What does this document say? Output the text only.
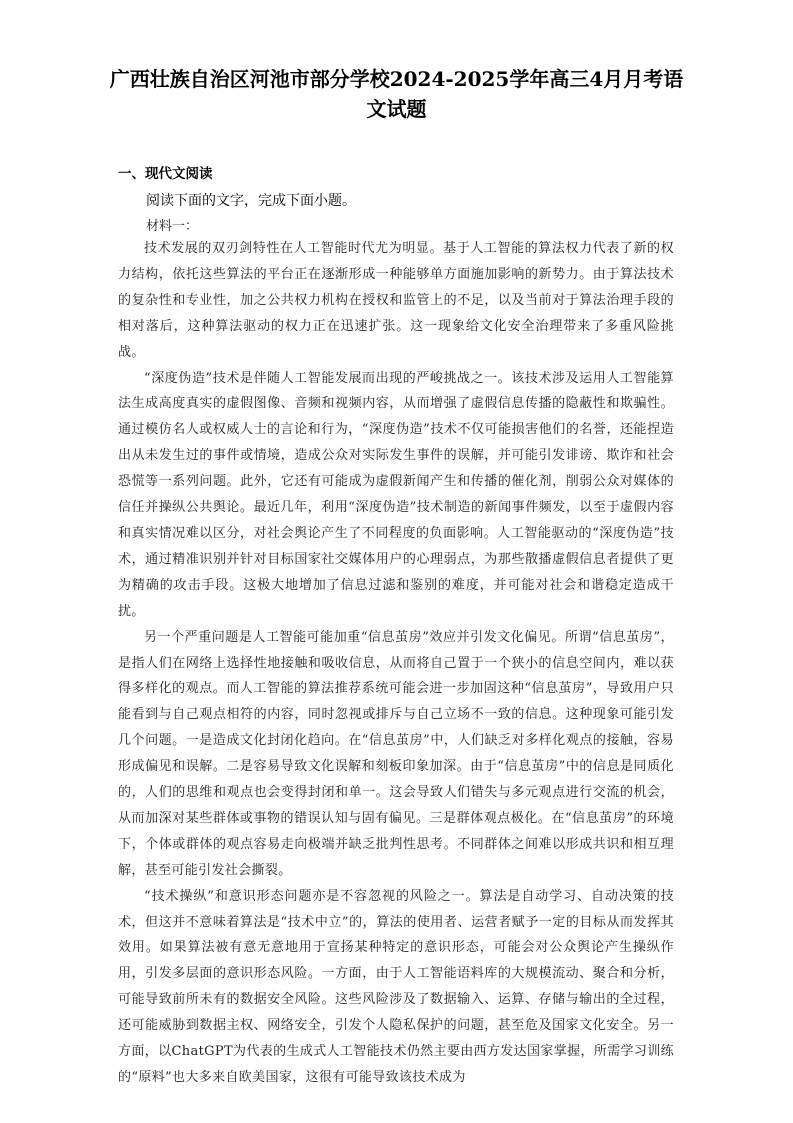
广西壮族自治区河池市部分学校2024-2025学年高三4月月考语文试题
一、现代文阅读
阅读下面的文字，完成下面小题。
材料一：

技术发展的双刃剑特性在人工智能时代尤为明显。基于人工智能的算法权力代表了新的权力结构，依托这些算法的平台正在逐渐形成一种能够单方面施加影响的新势力。由于算法技术的复杂性和专业性，加之公共权力机构在授权和监管上的不足，以及当前对于算法治理手段的相对落后，这种算法驱动的权力正在迅速扩张。这一现象给文化安全治理带来了多重风险挑战。

“深度伪造”技术是伴随人工智能发展而出现的严峻挑战之一。该技术涉及运用人工智能算法生成高度真实的虚假图像、音频和视频内容，从而增强了虚假信息传播的隐蔽性和欺骗性。通过模仿名人或权威人士的言论和行为，“深度伪造”技术不仅可能损害他们的名誉，还能捏造出从未发生过的事件或情境，造成公众对实际发生事件的误解，并可能引发诽谤、欺诈和社会恐慌等一系列问题。此外，它还有可能成为虚假新闻产生和传播的催化剂，削弱公众对媒体的信任并操纵公共舆论。最近几年，利用“深度伪造”技术制造的新闻事件频发，以至于虚假内容和真实情况难以区分，对社会舆论产生了不同程度的负面影响。人工智能驱动的“深度伪造”技术，通过精准识别并针对目标国家社交媒体用户的心理弱点，为那些散播虚假信息者提供了更为精确的攻击手段。这极大地增加了信息过滤和鉴别的难度，并可能对社会和谐稳定造成干扰。

另一个严重问题是人工智能可能加重“信息茧房”效应并引发文化偏见。所谓“信息茧房”，是指人们在网络上选择性地接触和吸收信息，从而将自己置于一个狭小的信息空间内，难以获得多样化的观点。而人工智能的算法推荐系统可能会进一步加固这种“信息茧房”，导致用户只能看到与自己观点相符的内容，同时忽视或排斥与自己立场不一致的信息。这种现象可能引发几个问题。一是造成文化封闭化趋向。在“信息茧房”中，人们缺乏对多样化观点的接触，容易形成偏见和误解。二是容易导致文化误解和刻板印象加深。由于“信息茧房”中的信息是同质化的，人们的思维和观点也会变得封闭和单一。这会导致人们错失与多元观点进行交流的机会，从而加深对某些群体或事物的错误认知与固有偏见。三是群体观点极化。在“信息茧房”的环境下，个体或群体的观点容易走向极端并缺乏批判性思考。不同群体之间难以形成共识和相互理解，甚至可能引发社会撕裂。

“技术操纵”和意识形态问题亦是不容忽视的风险之一。算法是自动学习、自动决策的技术，但这并不意味着算法是“技术中立”的，算法的使用者、运营者赋予一定的目标从而发挥其效用。如果算法被有意无意地用于宣扬某种特定的意识形态，可能会对公众舆论产生操纵作用，引发多层面的意识形态风险。一方面，由于人工智能语料库的大规模流动、聚合和分析，可能导致前所未有的数据安全风险。这些风险涉及了数据输入、运算、存储与输出的全过程，还可能威胁到数据主权、网络安全，引发个人隐私保护的问题，甚至危及国家文化安全。另一方面，以ChatGPT为代表的生成式人工智能技术仍然主要由西方发达国家掌握，所需学习训练的“原料”也大多来自欧美国家，这很有可能导致该技术成为
